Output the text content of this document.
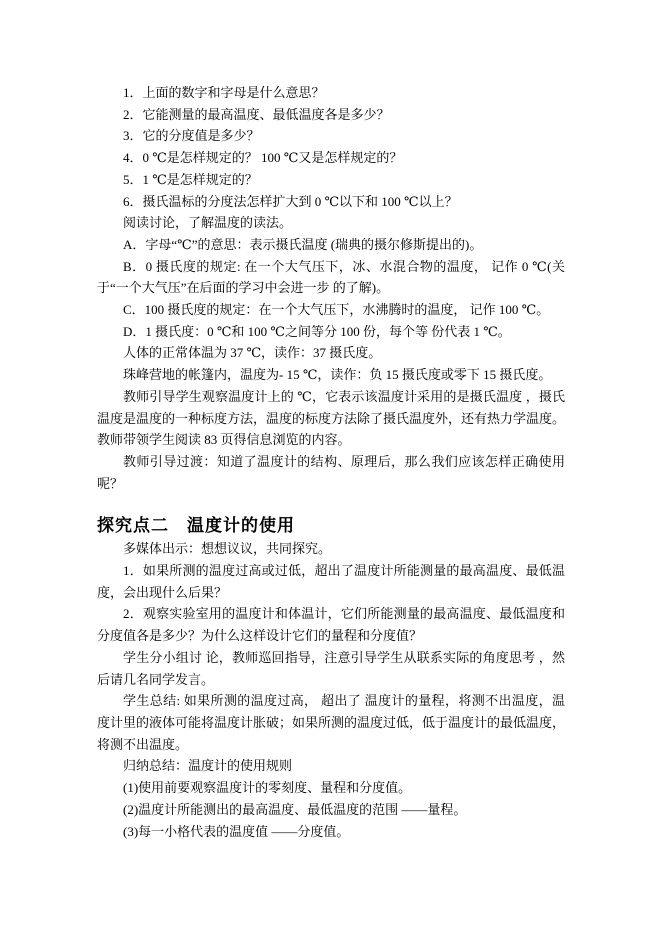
1．上面的数字和字母是什么意思？

2．它能测量的最高温度、最低温度各是多少？

3．它的分度值是多少？

4．0 ℃是怎样规定的？ 100 ℃又是怎样规定的？

5．1 ℃是怎样规定的？

6．摄氏温标的分度法怎样扩大到 0 ℃以下和 100 ℃以上？

阅读讨论，了解温度的读法。

A．字母“℃”的意思：表示摄氏温度 (瑞典的摄尔修斯提出的)。

B．0 摄氏度的规定: 在一个大气压下，冰、水混合物的温度， 记作 0 ℃(关于“一个大气压”在后面的学习中会进一步 的了解)。

C．100 摄氏度的规定：在一个大气压下，水沸腾时的温度， 记作 100 ℃。

D．1 摄氏度：0 ℃和 100 ℃之间等分 100 份，每个等 份代表 1 ℃。

人体的正常体温为 37 ℃，读作：37 摄氏度。

珠峰营地的帐篷内，温度为- 15 ℃，读作：负 15 摄氏度或零下 15 摄氏度。

教师引导学生观察温度计上的 ℃，它表示该温度计采用的是摄氏温度 ，摄氏温度是温度的一种标度方法，温度的标度方法除了摄氏温度外，还有热力学温度。教师带领学生阅读 83 页得信息浏览的内容。

教师引导过渡：知道了温度计的结构、原理后，那么我们应该怎样正确使用呢？

探究点二　温度计的使用

多媒体出示：想想议议，共同探究。

1．如果所测的温度过高或过低，超出了温度计所能测量的最高温度、最低温度，会出现什么后果？

2．观察实验室用的温度计和体温计，它们所能测量的最高温度、最低温度和分度值各是多少？为什么这样设计它们的量程和分度值？

学生分小组讨 论，教师巡回指导，注意引导学生从联系实际的角度思考 ，然后请几名同学发言。

学生总结: 如果所测的温度过高， 超出了 温度计的量程，将测不出温度，温度计里的液体可能将温度计胀破；如果所测的温度过低，低于温度计的最低温度，将测不出温度。

归纳总结：温度计的使用规则

(1)使用前要观察温度计的零刻度、量程和分度值。

(2)温度计所能测出的最高温度、最低温度的范围 ——量程。

(3)每一小格代表的温度值 ——分度值。
